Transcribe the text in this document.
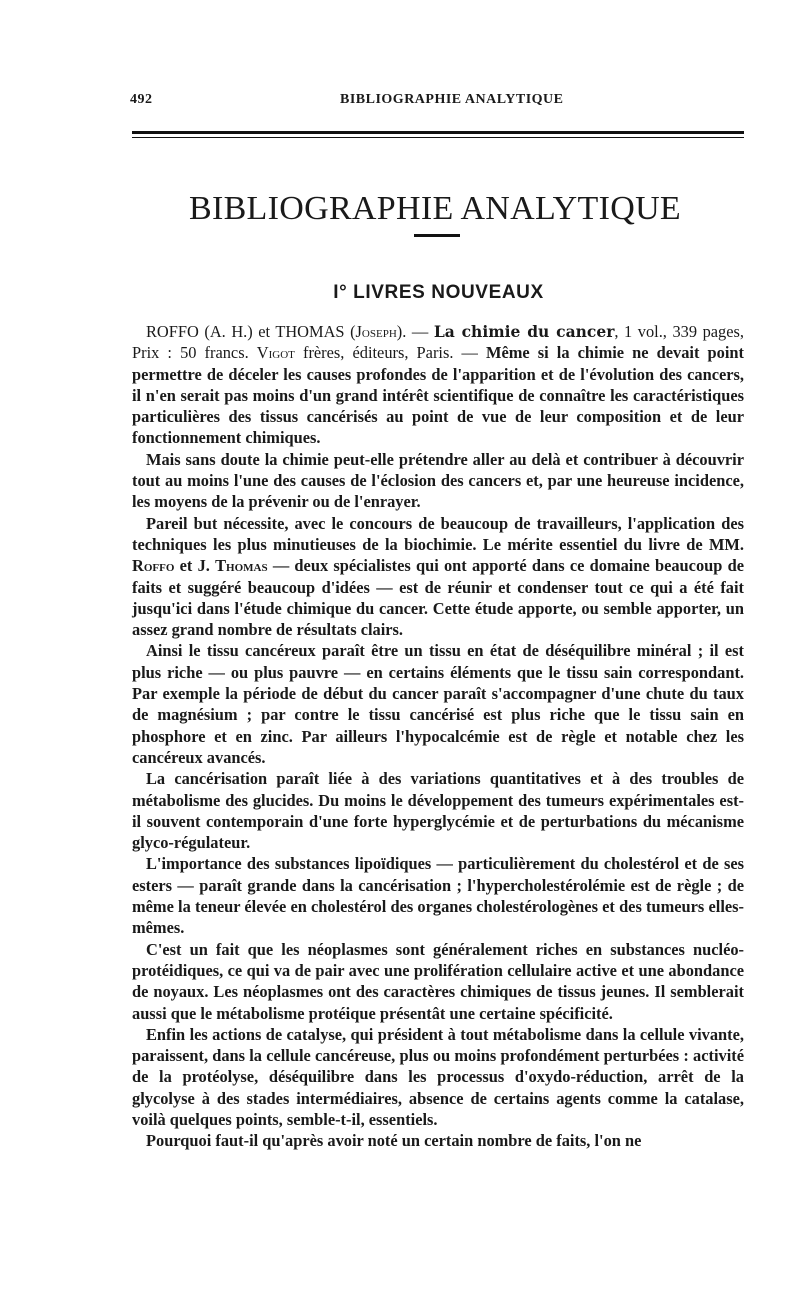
492	BIBLIOGRAPHIE ANALYTIQUE
BIBLIOGRAPHIE ANALYTIQUE
I° LIVRES NOUVEAUX

ROFFO (A. H.) et THOMAS (Joseph). — La chimie du cancer, 1 vol., 339 pages, Prix : 50 francs. Vigot frères, éditeurs, Paris. — Même si la chimie ne devait point permettre de déceler les causes profondes de l'apparition et de l'évolution des cancers, il n'en serait pas moins d'un grand intérêt scientifique de connaître les caractéristiques particulières des tissus cancérisés au point de vue de leur composition et de leur fonctionnement chimiques.

Mais sans doute la chimie peut-elle prétendre aller au delà et contribuer à découvrir tout au moins l'une des causes de l'éclosion des cancers et, par une heureuse incidence, les moyens de la prévenir ou de l'enrayer.

Pareil but nécessite, avec le concours de beaucoup de travailleurs, l'application des techniques les plus minutieuses de la biochimie. Le mérite essentiel du livre de MM. Roffo et J. Thomas — deux spécialistes qui ont apporté dans ce domaine beaucoup de faits et suggéré beaucoup d'idées — est de réunir et condenser tout ce qui a été fait jusqu'ici dans l'étude chimique du cancer. Cette étude apporte, ou semble apporter, un assez grand nombre de résultats clairs.

Ainsi le tissu cancéreux paraît être un tissu en état de déséquilibre minéral ; il est plus riche — ou plus pauvre — en certains éléments que le tissu sain correspondant. Par exemple la période de début du cancer paraît s'accompagner d'une chute du taux de magnésium ; par contre le tissu cancérisé est plus riche que le tissu sain en phosphore et en zinc. Par ailleurs l'hypocalcémie est de règle et notable chez les cancéreux avancés.

La cancérisation paraît liée à des variations quantitatives et à des troubles de métabolisme des glucides. Du moins le développement des tumeurs expérimentales est-il souvent contemporain d'une forte hyperglycémie et de perturbations du mécanisme glyco-régulateur.

L'importance des substances lipoïdiques — particulièrement du cholestérol et de ses esters — paraît grande dans la cancérisation ; l'hypercholestérolémie est de règle ; de même la teneur élevée en cholestérol des organes cholestérologènes et des tumeurs elles-mêmes.

C'est un fait que les néoplasmes sont généralement riches en substances nucléo-protéidiques, ce qui va de pair avec une prolifération cellulaire active et une abondance de noyaux. Les néoplasmes ont des caractères chimiques de tissus jeunes. Il semblerait aussi que le métabolisme protéique présentât une certaine spécificité.

Enfin les actions de catalyse, qui président à tout métabolisme dans la cellule vivante, paraissent, dans la cellule cancéreuse, plus ou moins profondément perturbées : activité de la protéolyse, déséquilibre dans les processus d'oxydo-réduction, arrêt de la glycolyse à des stades intermédiaires, absence de certains agents comme la catalase, voilà quelques points, semble-t-il, essentiels.

Pourquoi faut-il qu'après avoir noté un certain nombre de faits, l'on ne
